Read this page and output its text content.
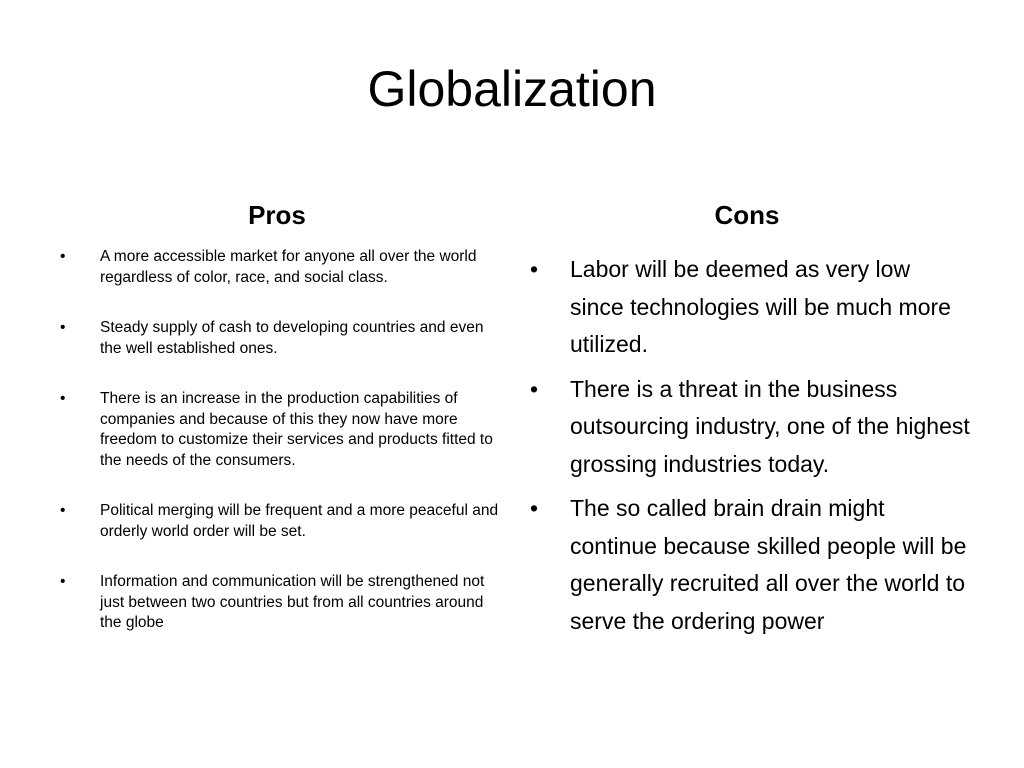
Globalization
Pros	Cons
• A more accessible market for anyone all over the world regardless of color, race, and social class.
• Steady supply of cash to developing countries and even the well established ones.
• There is an increase in the production capabilities of companies and because of this they now have more freedom to customize their services and products fitted to the needs of the consumers.
• Political merging will be frequent and a more peaceful and orderly world order will be set.
• Information and communication will be strengthened not just between two countries but from all countries around the globe
• Labor will be deemed as very low since technologies will be much more utilized.
• There is a threat in the business outsourcing industry, one of the highest grossing industries today.
• The so called brain drain might continue because skilled people will be generally recruited all over the world to serve the ordering power
